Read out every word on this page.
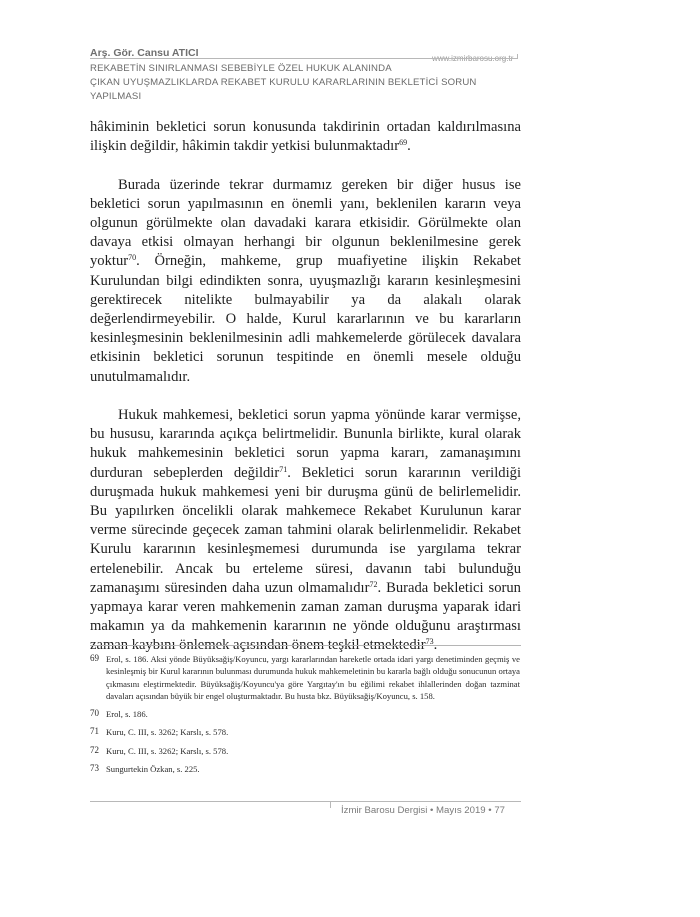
Arş. Gör. Cansu ATICI	www.izmirbarosu.org.tr
REKABETİN SINIRLANMASI SEBEBİYLE ÖZEL HUKUK ALANINDA
ÇIKAN UYUŞMAZLIKLARDA REKABET KURULU KARARLARININ BEKLETİCİ SORUN
YAPILMASI

hâkiminin bekletici sorun konusunda takdirinin ortadan kaldırılmasına ilişkin değildir, hâkimin takdir yetkisi bulunmaktadır$^{69}$.

Burada üzerinde tekrar durmamız gereken bir diğer husus ise bekletici sorun yapılmasının en önemli yanı, beklenilen kararın veya olgunun görülmekte olan davadaki karara etkisidir. Görülmekte olan davaya etkisi olmayan herhangi bir olgunun beklenilmesine gerek yoktur$^{70}$. Örneğin, mahkeme, grup muafiyetine ilişkin Rekabet Kurulundan bilgi edindikten sonra, uyuşmazlığı kararın kesinleşmesini gerektirecek nitelikte bulmayabilir ya da alakalı olarak değerlendirmeyebilir. O halde, Kurul kararlarının ve bu kararların kesinleşmesinin beklenilmesinin adli mahkemelerde görülecek davalara etkisinin bekletici sorunun tespitinde en önemli mesele olduğu unutulmamalıdır.

Hukuk mahkemesi, bekletici sorun yapma yönünde karar vermişse, bu hususu, kararında açıkça belirtmelidir. Bununla birlikte, kural olarak hukuk mahkemesinin bekletici sorun yapma kararı, zamanaşımını durduran sebeplerden değildir$^{71}$. Bekletici sorun kararının verildiği duruşmada hukuk mahkemesi yeni bir duruşma günü de belirlemelidir. Bu yapılırken öncelikli olarak mahkemece Rekabet Kurulunun karar verme sürecinde geçecek zaman tahmini olarak belirlenmelidir. Rekabet Kurulu kararının kesinleşmemesi durumunda ise yargılama tekrar ertelenebilir. Ancak bu erteleme süresi, davanın tabi bulunduğu zamanaşımı süresinden daha uzun olmamalıdır$^{72}$. Burada bekletici sorun yapmaya karar veren mahkemenin zaman zaman duruşma yaparak idari makamın ya da mahkemenin kararının ne yönde olduğunu araştırması zaman kaybını önlemek açısından önem teşkil etmektedir$^{73}$.

69 Erol, s. 186. Aksi yönde Büyüksağiş/Koyuncu, yargı kararlarından hareketle ortada idari yargı denetiminden geçmiş ve kesinleşmiş bir Kurul kararının bulunması durumunda hukuk mahkemeletinin bu kararla bağlı olduğu sonucunun ortaya çıkmasını eleştirmektedir. Büyüksağiş/Koyuncu'ya göre Yargıtay'ın bu eğilimi rekabet ihlallerinden doğan tazminat davaları açısından büyük bir engel oluşturmaktadır. Bu husta bkz. Büyüksağiş/Koyuncu, s. 158.
70 Erol, s. 186.
71 Kuru, C. III, s. 3262; Karslı, s. 578.
72 Kuru, C. III, s. 3262; Karslı, s. 578.
73 Sungurtekin Özkan, s. 225.
İzmir Barosu Dergisi • Mayıs 2019 • 77
